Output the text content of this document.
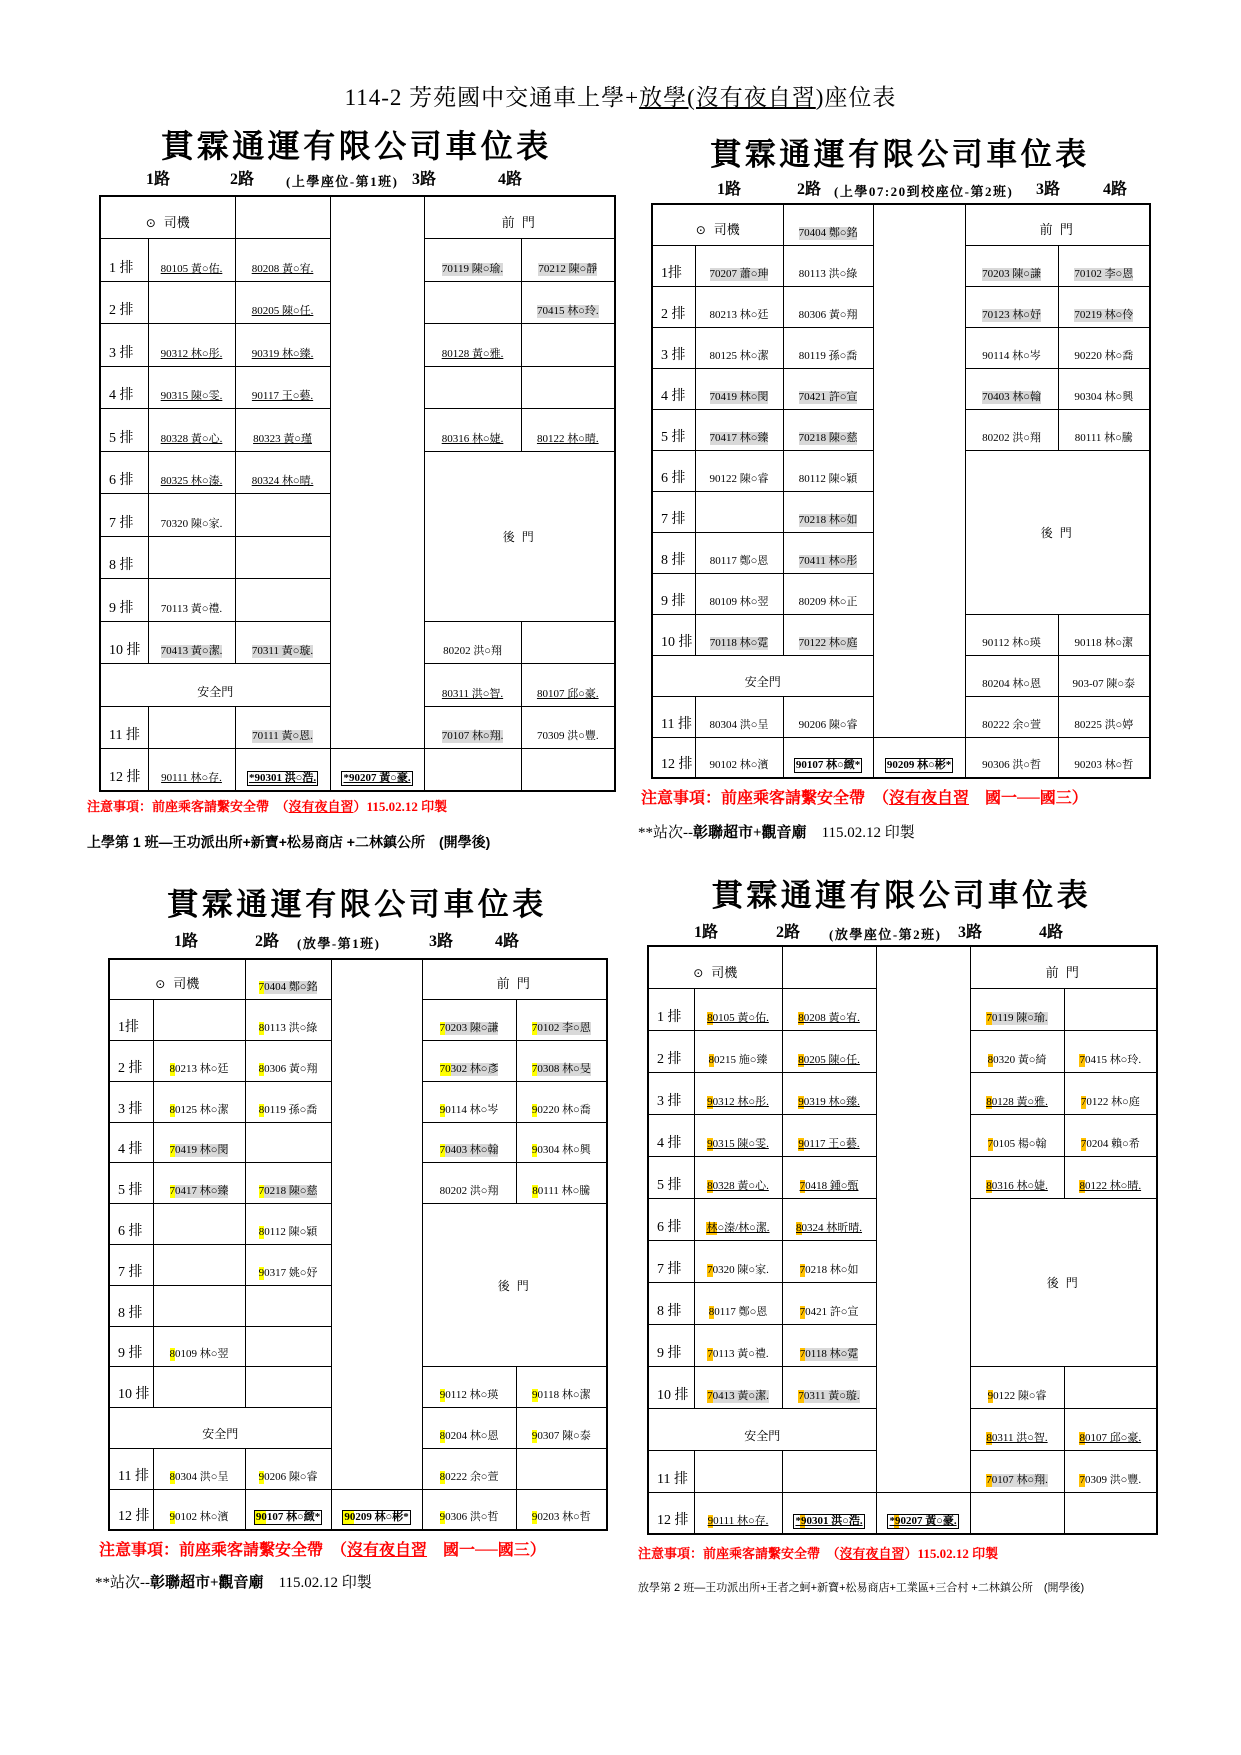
114-2 芳苑國中交通車上學+放學(沒有夜自習)座位表
貫霖通運有限公司車位表
1路	2路 (上學座位-第1班) 3路	4路
⊙ 司機				前 門	
1 排	80105 黃○佑.	80208 黃○宥.		70119 陳○瑜.	70212 陳○靜
2 排		80205 陳○任.			70415 林○玲.
3 排	90312 林○彤.	90319 林○臻.		80128 黃○雅.	
4 排	90315 陳○雯.	90117 王○藝.			
5 排	80328 黃○心.	80323 黃○瑾		80316 林○婕.	80122 林○晴.
6 排	80325 林○溱.	80324 林○晴.		後 門	
7 排	70320 陳○家.				
8 排					
9 排	70113 黃○禮.				
10 排	70413 黃○潔.	70311 黃○璇.		80202 洪○翔	
安全門				80311 洪○智.	80107 邱○豪.
11 排		70111 黃○恩.		70107 林○翔.	70309 洪○豐.
12 排	90111 林○存.	*90301 洪○浩.	*90207 黃○豪.		
注意事項：前座乘客請繫安全帶　（沒有夜自習）115.02.12 印製
上學第 1 班—王功派出所+新寶+松易商店 +二林鎮公所　(開學後)
貫霖通運有限公司車位表
1路	2路 (上學07:20到校座位-第2班) 3路	4路
⊙ 司機		70404 鄭○銘		前 門	
1排	70207 蕭○珅	80113 洪○綠		70203 陳○謙	70102 李○恩
2 排	80213 林○廷	80306 黃○翔		70123 林○妤	70219 林○伶
3 排	80125 林○潔	80119 孫○喬		90114 林○岑	90220 林○喬
4 排	70419 林○閔	70421 許○宣		70403 林○翰	90304 林○興
5 排	70417 林○臻	70218 陳○慈		80202 洪○翔	80111 林○騰
6 排	90122 陳○睿	80112 陳○穎		後 門	
7 排		70218 林○如			
8 排	80117 鄭○恩	70411 林○彤			
9 排	80109 林○翌	80209 林○正			
10 排	70118 林○霓	70122 林○庭		90112 林○瑛	90118 林○潔
安全門				80204 林○恩	903-07 陳○泰
11 排	80304 洪○呈	90206 陳○睿		80222 余○萱	80225 洪○婷
12 排	90102 林○濱	90107 林○緻*	90209 林○彬*	90306 洪○哲	90203 林○哲
注意事項：前座乘客請繫安全帶　（沒有夜自習　國一──國三）
**站次--彰聯超市+觀音廟　115.02.12 印製
貫霖通運有限公司車位表
1路	2路 (放學-第1班)	3路	4路
⊙ 司機		70404 鄭○銘		前 門	
1排		80113 洪○綠		70203 陳○謙	70102 李○恩
2 排	80213 林○廷	80306 黃○翔		70302 林○彥	70308 林○旻
3 排	80125 林○潔	80119 孫○喬		90114 林○岑	90220 林○喬
4 排	70419 林○閔			70403 林○翰	90304 林○興
5 排	70417 林○臻	70218 陳○慈		80202 洪○翔	80111 林○騰
6 排		80112 陳○穎		後 門	
7 排		90317 姚○妤			
8 排					
9 排	80109 林○翌				
10 排				90112 林○瑛	90118 林○潔
安全門				80204 林○恩	90307 陳○泰
11 排	80304 洪○呈	90206 陳○睿		80222 余○萱	
12 排	90102 林○濱	90107 林○緻*	90209 林○彬*	90306 洪○哲	90203 林○哲
注意事項：前座乘客請繫安全帶　（沒有夜自習　國一──國三）
**站次--彰聯超市+觀音廟　115.02.12 印製
貫霖通運有限公司車位表
1路	2路 (放學座位-第2班) 3路	4路
⊙ 司機				前 門	
1 排	80105 黃○佑.	80208 黃○宥.		70119 陳○瑜.	
2 排	80215 施○臻	80205 陳○任.		80320 黃○綺	70415 林○玲.
3 排	90312 林○彤.	90319 林○臻.		80128 黃○雅.	70122 林○庭
4 排	90315 陳○雯.	90117 王○藝.		70105 楊○翰	70204 賴○希
5 排	80328 黃○心.	70418 鍾○甄		80316 林○婕.	80122 林○晴.
6 排	林○溱/林○潔.	80324 林昕晴.		後 門	
7 排	70320 陳○家.	70218 林○如			
8 排	80117 鄭○恩	70421 許○宣			
9 排	70113 黃○禮.	70118 林○霓			
10 排	70413 黃○潔.	70311 黃○璇.		90122 陳○睿	
安全門				80311 洪○智.	80107 邱○豪.
11 排				70107 林○翔.	70309 洪○豐.
12 排	90111 林○存.	*90301 洪○浩.	*90207 黃○豪.		
注意事項：前座乘客請繫安全帶　（沒有夜自習）115.02.12 印製
放學第 2 班—王功派出所+王者之蚵+新寶+松易商店+工業區+三合村 +二林鎮公所　(開學後)
